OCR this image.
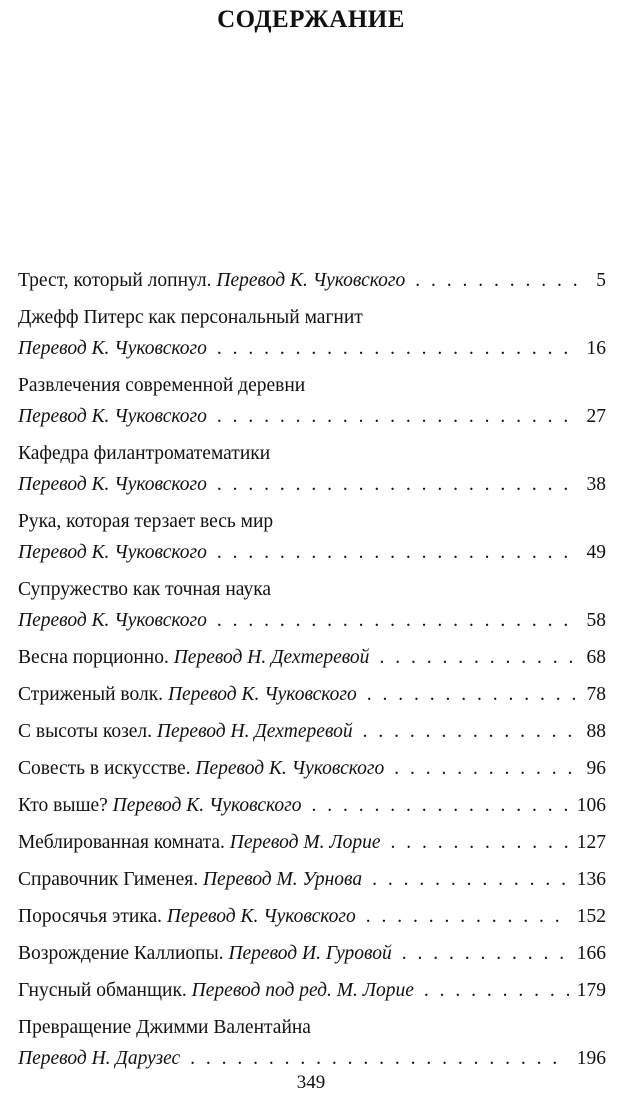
СОДЕРЖАНИЕ
Трест, который лопнул. Перевод К. Чуковского . . .	5
Джефф Питерс как персональный магнит
Перевод К. Чуковского . . .	16
Развлечения современной деревни
Перевод К. Чуковского . . .	27
Кафедра филантроматематики
Перевод К. Чуковского . . .	38
Рука, которая терзает весь мир
Перевод К. Чуковского . . .	49
Супружество как точная наука
Перевод К. Чуковского . . .	58
Весна порционно. Перевод Н. Дехтеревой . . .	68
Стриженый волк. Перевод К. Чуковского . . .	78
С высоты козел. Перевод Н. Дехтеревой . . .	88
Совесть в искусстве. Перевод К. Чуковского . . .	96
Кто выше? Перевод К. Чуковского . . .	106
Меблированная комната. Перевод М. Лорие . . .	127
Справочник Гименея. Перевод М. Урнова . . .	136
Поросячья этика. Перевод К. Чуковского . . .	152
Возрождение Каллиопы. Перевод И. Гуровой . . .	166
Гнусный обманщик. Перевод под ред. М. Лорие . . .	179
Превращение Джимми Валентайна
Перевод Н. Дарузес . . .	196
349
